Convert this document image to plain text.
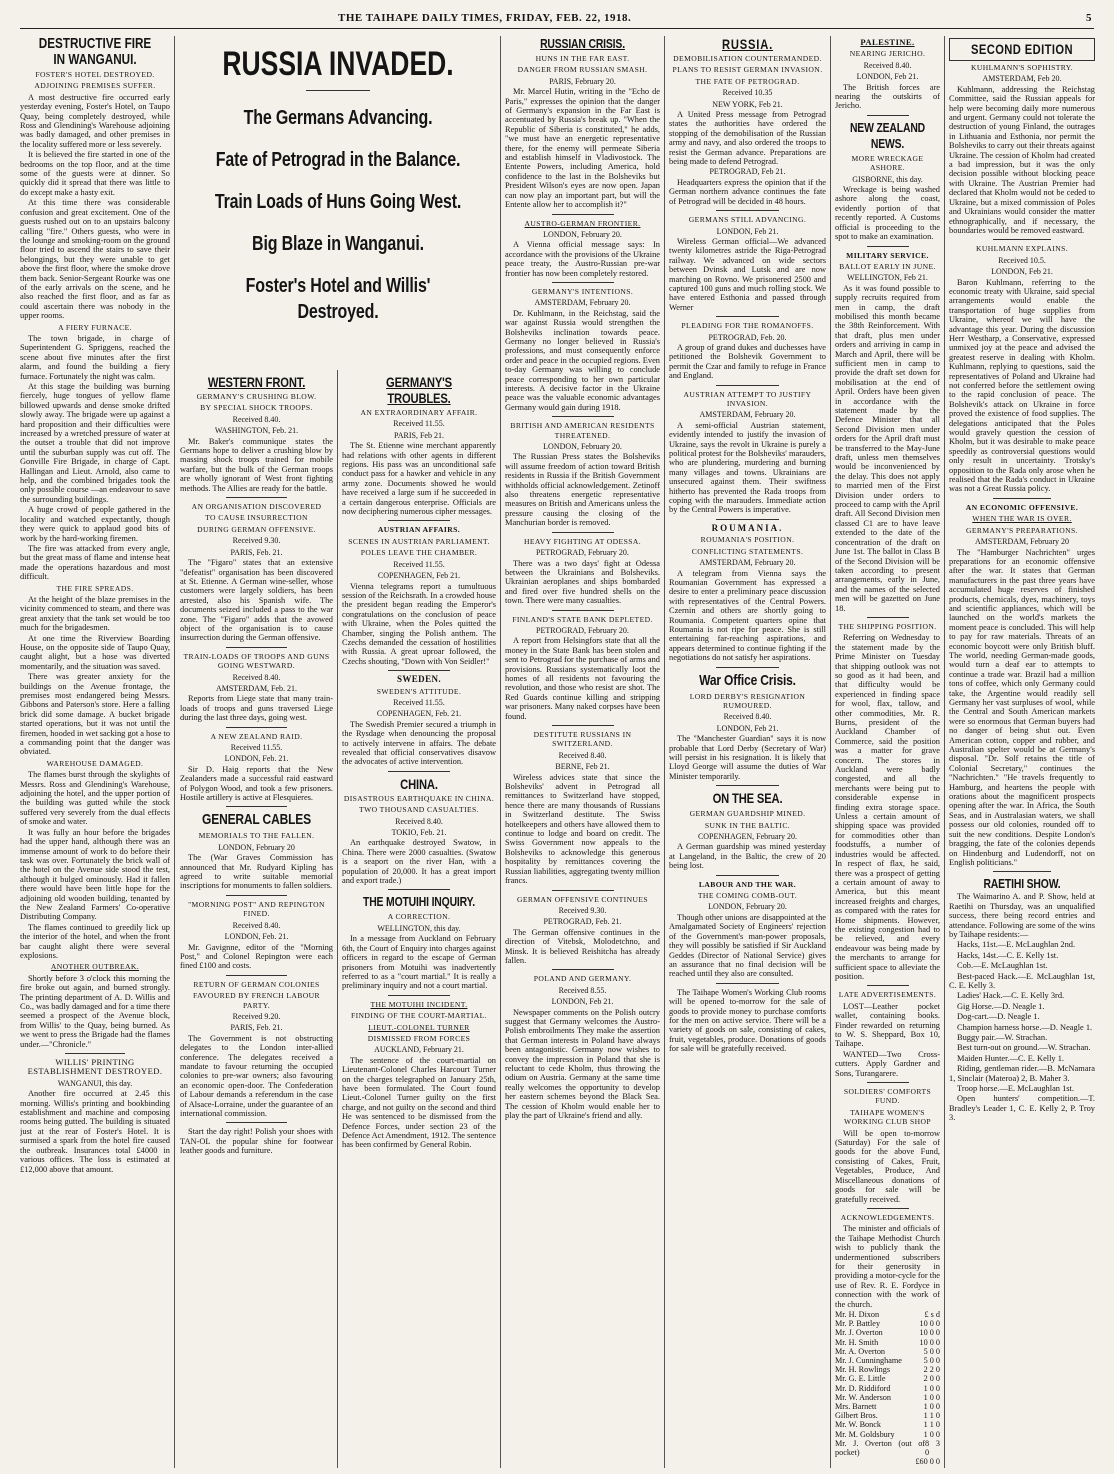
THE TAIHAPE DAILY TIMES, FRIDAY, FEB. 22, 1918.	5
DESTRUCTIVE FIRE IN WANGANUI.
FOSTER'S HOTEL DESTROYED.
ADJOINING PREMISES SUFFER.

A most destructive fire occurred early yesterday evening, Foster's Hotel, on Taupo Quay, being completely destroyed, while Ross and Glendining's Warehouse adjoining was badly damaged, and other premises in the locality suffered more or less severely.

It is believed the fire started in one of the bedrooms on the top floor, and at the time some of the guests were at dinner. So quickly did it spread that there was little to do except make a hasty exit.

At this time there was considerable confusion and great excitement. One of the guests rushed out on to an upstairs balcony calling "fire." Others guests, who were in the lounge and smoking-room on the ground floor tried to ascend the stairs to save their belongings, but they were unable to get above the first floor, where the smoke drove them back. Senior-Sergeant Rourke was one of the early arrivals on the scene, and he also reached the first floor, and as far as could ascertain there was nobody in the upper rooms.

A FIERY FURNACE.

The town brigade, in charge of Superintendent G. Spriggens, reached the scene about five minutes after the first alarm, and found the building a fiery furnace. Fortunately the night was calm.

At this stage the building was burning fiercely, huge tongues of yellow flame billowed upwards and dense smoke drifted slowly away. The brigade were up against a hard proposition and their difficulties were increased by a wretched pressure of water at the outset a trouble that did not improve until the suburban supply was cut off. The Gonville Fire Brigade, in charge of Capt. Hallingan and Lieut. Arnold, also came to help, and the combined brigades took the only possible course —an endeavour to save the surrounding buildings.

A huge crowd of people gathered in the locality and watched expectantly, though they were quick to applaud good bits of work by the hard-working firemen.

The fire was attacked from every angle, but the great mass of flame and intense heat made the operations hazardous and most difficult.

THE FIRE SPREADS.

At the height of the blaze premises in the vicinity commenced to steam, and there was great anxiety that the tank set would be too much for the brigadesmen.

At one time the Riverview Boarding House, on the opposite side of Taupo Quay, caught alight, but a hose was diverted momentarily, and the situation was saved.

There was greater anxiety for the buildings on the Avenue frontage, the premises most endangered being Messrs. Gibbons and Paterson's store. Here a falling brick did some damage. A bucket brigade started operations, but it was not until the firemen, hooded in wet sacking got a hose to a commanding point that the danger was obviated.

WAREHOUSE DAMAGED.

The flames burst through the skylights of Messrs. Ross and Glendining's Warehouse, adjoining the hotel, and the upper portion of the building was gutted while the stock suffered very severely from the dual effects of smoke and water.

It was fully an hour before the brigades had the upper hand, although there was an immense amount of work to do before their task was over. Fortunately the brick wall of the hotel on the Avenue side stood the test, although it bulged ominously. Had it fallen there would have been little hope for the adjoining old wooden building, tenanted by the New Zealand Farmers' Co-operative Distributing Company.

The flames continued to greedily lick up the interior of the hotel, and when the front bar caught alight there were several explosions.

ANOTHER OUTBREAK.

Shortly before 3 o'clock this morning the fire broke out again, and burned strongly. The printing department of A. D. Willis and Co., was badly damaged and for a time there seemed a prospect of the Avenue block, from Willis' to the Quay, being burned. As we went to press the Brigade had the flames under.—"Chronicle."

WILLIS' PRINTING ESTABLISHMENT DESTROYED.
WANGANUI, this day.

Another fire occurred at 2.45 this morning. Willis's printing and bookbinding establishment and machine and composing rooms being gutted. The building is situated just at the rear of Foster's Hotel. It is surmised a spark from the hotel fire caused the outbreak. Insurances total £4000 in various offices. The loss is estimated at £12,000 above that amount.

RUSSIA INVADED.
The Germans Advancing.
Fate of Petrograd in the Balance.
Train Loads of Huns Going West.
Big Blaze in Wanganui.
Foster's Hotel and Willis' Destroyed.
WESTERN FRONT.
GERMANY'S CRUSHING BLOW.
BY SPECIAL SHOCK TROOPS.
Received 8.40.
WASHINGTON, Feb. 21.

Mr. Baker's communique states the Germans hope to deliver a crushing blow by massing shock troops trained for mobile warfare, but the bulk of the German troops are wholly ignorant of West front fighting methods. The Allies are ready for the battle.

AN ORGANISATION DISCOVERED
TO CAUSE INSURRECTION
DURING GERMAN OFFENSIVE.
Received 9.30.
PARIS, Feb. 21.

The "Figaro" states that an extensive "defeatist" organisation has been discovered at St. Etienne. A German wine-seller, whose customers were largely soldiers, has been arrested, also his Spanish wife. The documents seized included a pass to the war zone. The "Figaro" adds that the avowed object of the organisation is to cause insurrection during the German offensive.

TRAIN-LOADS OF TROOPS AND GUNS GOING WESTWARD.
Received 8.40.
AMSTERDAM, Feb. 21.

Reports from Liege state that many train-loads of troops and guns traversed Liege during the last three days, going west.

A NEW ZEALAND RAID.
Received 11.55.
LONDON, Feb. 21.

Sir D. Haig reports that the New Zealanders made a successful raid eastward of Polygon Wood, and took a few prisoners. Hostile artillery is active at Flesquieres.

GENERAL CABLES
MEMORIALS TO THE FALLEN.
LONDON, February 20

The (War Graves Commission has announced that Mr. Rudyard Kipling has agreed to write suitable memorial inscriptions for monuments to fallen soldiers.

"MORNING POST" AND REPINGTON FINED.
Received 8.40.
LONDON, Feb. 21.

Mr. Gavignne, editor of the "Morning Post," and Colonel Repington were each fined £100 and costs.

RETURN OF GERMAN COLONIES
FAVOURED BY FRENCH LABOUR PARTY.
Received 9.20.
PARIS, Feb. 21.

The Government is not obstructing delegates to the London inter-allied conference. The delegates received a mandate to favour returning the occupied colonies to pre-war owners; also favouring an economic open-door. The Confederation of Labour demands a referendum in the case of Alsace-Lorraine, under the guarantee of an international commission.

Start the day right! Polish your shoes with TAN-OL the popular shine for footwear leather goods and furniture.

GERMANY'S TROUBLES.
AN EXTRAORDINARY AFFAIR.
Received 11.55.
PARIS, Feb 21.

The St. Etienne wine merchant apparently had relations with other agents in different regions. His pass was an unconditional safe conduct pass for a hawker and vehicle in any army zone. Documents showed he would have received a large sum if he succeeded in a certain dangerous enterprise. Officials are now deciphering numerous cipher messages.

AUSTRIAN AFFAIRS.
SCENES IN AUSTRIAN PARLIAMENT.
POLES LEAVE THE CHAMBER.
Received 11.55.
COPENHAGEN, Feb 21.

Vienna telegrams report a tumultuous session of the Reichsrath. In a crowded house the president began reading the Emperor's congratulations on the conclusion of peace with Ukraine, when the Poles quitted the Chamber, singing the Polish anthem. The Czechs demanded the cessation of hostilities with Russia. A great uproar followed, the Czechs shouting, "Down with Von Seidler!"

SWEDEN.
SWEDEN'S ATTITUDE.
Received 11.55.
COPENHAGEN, Feb. 21.

The Swedish Premier secured a triumph in the Rysdage when denouncing the proposal to actively intervene in affairs. The debate revealed that official conservatives disavow the advocates of active intervention.

CHINA.
DISASTROUS EARTHQUAKE IN CHINA.
TWO THOUSAND CASUALTIES.
Received 8.40.
TOKIO, Feb. 21.

An earthquake destroyed Swatow, in China. There were 2000 casualties. (Swatow is a seaport on the river Han, with a population of 20,000. It has a great import and export trade.)

THE MOTUIHI INQUIRY.
A CORRECTION.
WELLINGTON, this day.

In a message from Auckland on February 6th, the Court of Enquiry into charges against officers in regard to the escape of German prisoners from Motuihi was inadvertently referred to as a "court martial." It is really a preliminary inquiry and not a court martial.

THE MOTUIHI INCIDENT.
FINDING OF THE COURT-MARTIAL.
LIEUT.-COLONEL TURNER
DISMISSED FROM FORCES
AUCKLAND, February 21.

The sentence of the court-martial on Lieutenant-Colonel Charles Harcourt Turner on the charges telegraphed on January 25th, have been formulated. The Court found Lieut.-Colonel Turner guilty on the first charge, and not guilty on the second and third He was sentenced to be dismissed from the Defence Forces, under section 23 of the Defence Act Amendment, 1912. The sentence has been confirmed by General Robin.

RUSSIAN CRISIS.
HUNS IN THE FAR EAST.
DANGER FROM RUSSIAN SMASH.
PARIS, February 20.

Mr. Marcel Hutin, writing in the "Echo de Paris," expresses the opinion that the danger of Germany's expansion in the Far East is accentuated by Russia's break up. "When the Republic of Siberia is constituted," he adds, "we must have an energetic representative there, for the enemy will permeate Siberia and establish himself in Vladivostock. The Entente Powers, including America, hold confidence to the last in the Bolsheviks but President Wilson's eyes are now open. Japan can now play an important part, but will the Entente allow her to accomplish it?"

AUSTRO-GERMAN FRONTIER.
LONDON, February 20.

A Vienna official message says: In accordance with the provisions of the Ukraine peace treaty, the Austro-Russian pre-war frontier has now been completely restored.

GERMANY'S INTENTIONS.
AMSTERDAM, February 20.

Dr. Kuhlmann, in the Reichstag, said the war against Russia would strengthen the Bolsheviks inclination towards peace. Germany no longer believed in Russia's professions, and must consequently enforce order and peace in the occupied regions. Even to-day Germany was willing to conclude peace corresponding to her own particular interests. A decisive factor in the Ukraine peace was the valuable economic advantages Germany would gain during 1918.

BRITISH AND AMERICAN RESIDENTS THREATENED.
LONDON, February 20.

The Russian Press states the Bolsheviks will assume freedom of action toward British residents in Russia if the British Government withholds official acknowledgement. Zetinoff also threatens energetic representative measures on British and Americans unless the pressure causing the closing of the Manchurian border is removed.

HEAVY FIGHTING AT ODESSA.
PETROGRAD, February 20.

There was a two days' fight at Odessa between the Ukrainians and Bolsheviks. Ukrainian aeroplanes and ships bombarded and fired over five hundred shells on the town. There were many casualties.

FINLAND'S STATE BANK DEPLETED.
PETROGRAD, February 20.

A report from Helsingfors state that all the money in the State Bank has been stolen and sent to Petrograd for the purchase of arms and provisions. Russians systematically loot the homes of all residents not favouring the revolution, and those who resist are shot. The Red Guards continue killing and stripping war prisoners. Many naked corpses have been found.

DESTITUTE RUSSIANS IN SWITZERLAND.
Received 8.40.
BERNE, Feb 21.

Wireless advices state that since the Bolsheviks' advent in Petrograd all remittances to Switzerland have stopped, hence there are many thousands of Russians in Switzerland destitute. The Swiss hotelkeepers and others have allowed them to continue to lodge and board on credit. The Swiss Government now appeals to the Bolsheviks to acknowledge this generous hospitality by remittances covering the Russian liabilities, aggregating twenty million francs.

GERMAN OFFENSIVE CONTINUES
Received 9.30.
PETROGRAD, Feb. 21.

The German offensive continues in the direction of Vitebsk, Molodetchno, and Minsk. It is believed Reishitcha has already fallen.

POLAND AND GERMANY.
Received 8.55.
LONDON, Feb 21.

Newspaper comments on the Polish outcry suggest that Germany welcomes the Austro-Polish embroilments They make the assertion that German interests in Poland have always been antagonistic. Germany now wishes to convey the impression in Poland that she is reluctant to cede Kholm, thus throwing the odium on Austria. Germany at the same time really welcomes the opportunity to develop her eastern schemes beyond the Black Sea. The cession of Kholm would enable her to play the part of Ukraine's friend and ally.

RUSSIA.
DEMOBILISATION COUNTERMANDED.
PLANS TO RESIST GERMAN INVASION.
THE FATE OF PETROGRAD.
Received 10.35
NEW YORK, Feb 21.

A United Press message from Petrograd states the authorities have ordered the stopping of the demobilisation of the Russian army and navy, and also ordered the troops to resist the German advance. Preparations are being made to defend Petrograd.

PETROGRAD, Feb 21.

Headquarters express the opinion that if the German northern advance continues the fate of Petrograd will be decided in 48 hours.

GERMANS STILL ADVANCING.
LONDON, Feb 21.

Wireless German official—We advanced twenty kilometres astride the Riga-Petrograd railway. We advanced on wide sectors between Dvinsk and Lutsk and are now marching on Rovno. We prisonered 2500 and captured 100 guns and much rolling stock. We have entered Esthonia and passed through Werner

PLEADING FOR THE ROMANOFFS.
PETROGRAD, Feb. 20.

A group of grand dukes and duchesses have petitioned the Bolshevik Government to permit the Czar and family to refuge in France and England.

AUSTRIAN ATTEMPT TO JUSTIFY INVASION.
AMSTERDAM, February 20.

A semi-official Austrian statement, evidently intended to justify the invasion of Ukraine, says the revolt in Ukraine is purely a political protest for the Bolsheviks' marauders, who are plundering, murdering and burning many villages and towns. Ukrainians are unsecured against them. Their swiftness hitherto has prevented the Rada troops from coping with the marauders. Immediate action by the Central Powers is imperative.

ROUMANIA.
ROUMANIA'S POSITION.
CONFLICTING STATEMENTS.
AMSTERDAM, February 20.

A telegram from Vienna says the Roumanian Government has expressed a desire to enter a preliminary peace discussion with representatives of the Central Powers. Czernin and others are shortly going to Roumania. Competent quarters opine that Roumania is not ripe for peace. She is still entertaining far-reaching aspirations, and appears determined to continue fighting if the negotiations do not satisfy her aspirations.

War Office Crisis.
LORD DERBY'S RESIGNATION RUMOURED.
Received 8.40.
LONDON, Feb 21.

The "Manchester Guardian" says it is now probable that Lord Derby (Secretary of War) will persist in his resignation. It is likely that Lloyd George will assume the duties of War Minister temporarily.

ON THE SEA.
GERMAN GUARDSHIP MINED.
SUNK IN THE BALTIC.
COPENHAGEN, February 20.

A German guardship was mined yesterday at Langeland, in the Baltic, the crew of 20 being lost.

LABOUR AND THE WAR.
THE COMING COMB-OUT.
LONDON, February 20.

Though other unions are disappointed at the Amalgamated Society of Engineers' rejection of the Government's man-power proposals, they will possibly be satisfied if Sir Auckland Geddes (Director of National Service) gives an assurance that no final decision will be reached until they also are consulted.

The Taihape Women's Working Club rooms will be opened to-morrow for the sale of goods to provide money to purchase comforts for the men on active service. There will be a variety of goods on sale, consisting of cakes, fruit, vegetables, produce. Donations of goods for sale will be gratefully received.

PALESTINE.
NEARING JERICHO.
Received 8.40.
LONDON, Feb 21.

The British forces are nearing the outskirts of Jericho.

NEW ZEALAND NEWS.
MORE WRECKAGE ASHORE.
GISBORNE, this day.

Wreckage is being washed ashore along the coast, evidently portion of that recently reported. A Customs official is proceeding to the spot to make an examination.

MILITARY SERVICE.
BALLOT EARLY IN JUNE.
WELLINGTON, Feb 21.

As it was found possible to supply recruits required from men in camp, the draft mobilised this month became the 38th Reinforcement. With that draft, plus men under orders and arriving in camp in March and April, there will be sufficient men in camp to provide the draft set down for mobilisation at the end of April. Orders have been given in accordance with the statement made by the Defence Minister that all Second Division men under orders for the April draft must be transferred to the May-June draft, unless men themselves would be inconvenienced by the delay. This does not apply to married men of the First Division under orders to proceed to camp with the April draft. All Second Division men classed C1 are to have leave extended to the date of the concentration of the draft on June 1st. The ballot in Class B of the Second Division will be taken according to present arrangements, early in June, and the names of the selected men will be gazetted on June 18.

THE SHIPPING POSITION.

Referring on Wednesday to the statement made by the Prime Minister on Tuesday that shipping outlook was not so good as it had been, and that difficulty would be experienced in finding space for wool, flax, tallow, and other commodities, Mr. R. Burns, president of the Auckland Chamber of Commerce, said the position was a matter for grave concern. The stores in Auckland were badly congested, and all the merchants were being put to considerable expense in finding extra storage space. Unless a certain amount of shipping space was provided for commodities other than foodstuffs, a number of industries would be affected. In respect of flax, he said, there was a prospect of getting a certain amount of away to America, but this meant increased freights and charges, as compared with the rates for Home shipments. However, the existing congestion had to be relieved, and every endeavour was being made by the merchants to arrange for sufficient space to alleviate the position.

LATE ADVERTISEMENTS.

LOST—Leather pocket wallet, containing books. Finder rewarded on returning to W. S. Sheppard, Box 10, Taihape.

WANTED—Two Cross-cutters. Apply Gardner and Sons, Turangarere.

SOLDIERS' COMFORTS FUND.
TAIHAPE WOMEN'S WORKING CLUB SHOP

Will be open to-morrow (Saturday) For the sale of goods for the above Fund, consisting of Cakes, Fruit, Vegetables, Produce, And Miscellaneous donations of goods for sale will be gratefully received.

ACKNOWLEDGEMENTS.

The minister and officials of the Taihape Methodist Church wish to publicly thank the undermentioned subscribers for their generosity in providing a motor-cycle for the use of Rev. R. E. Fordyce in connection with the work of the church.

Mr. H. Dixon	£ s d
Mr. P. Battley	10 0 0
Mr. J. Overton	10 0 0
Mr. H. Smith	10 0 0
Mr. A. Overton	5 0 0
Mr. J. Cunninghame	5 0 0
Mr. H. Rowlings	2 2 0
Mr. G. E. Little	2 0 0
Mr. D. Riddiford	1 0 0
Mr. W. Anderson	1 0 0
Mrs. Barnett	1 0 0
Gilbert Bros.	1 1 0
Mr. W. Bonck	1 1 0
Mr. M. Goldsbury	1 0 0
Mr. J. Overton (out of pocket)
8 3 0
£60 0 0
SECOND EDITION
KUHLMANN'S SOPHISTRY.
AMSTERDAM, Feb 20.

Kuhlmann, addressing the Reichstag Committee, said the Russian appeals for help were becoming daily more numerous and urgent. Germany could not tolerate the destruction of young Finland, the outrages in Lithuania and Esthonia, nor permit the Bolsheviks to carry out their threats against Ukraine. The cession of Kholm had created a bad impression, but it was the only decision possible without blocking peace with Ukraine. The Austrian Premier had declared that Kholm would not be ceded to Ukraine, but a mixed commission of Poles and Ukrainians would consider the matter ethnographically, and if necessary, the boundaries would be removed eastward.

KUHLMANN EXPLAINS.
Received 10.5.
LONDON, Feb 21.

Baron Kuhlmann, referring to the economic treaty with Ukraine, said special arrangements would enable the transportation of huge supplies from Ukraine, whereof we will have the advantage this year. During the discussion Herr Westharp, a Conservative, expressed unmixed joy at the peace and advised the greatest reserve in dealing with Kholm. Kuhlmann, replying to questions, said the representatives of Poland and Ukraine had not conferred before the settlement owing to the rapid conclusion of peace. The Bolshevik's attack on Ukraine in force proved the existence of food supplies. The delegations anticipated that the Poles would gravely question the cession of Kholm, but it was desirable to make peace speedily as controversial questions would only result in uncertainty. Trotsky's opposition to the Rada only arose when he realised that the Rada's conduct in Ukraine was not a Great Russia policy.

AN ECONOMIC OFFENSIVE.
WHEN THE WAR IS OVER.
GERMANY'S PREPARATIONS.
AMSTERDAM, February 20

The "Hamburger Nachrichten" urges preparations for an economic offensive after the war. It states that German manufacturers in the past three years have accumulated huge reserves of finished products, chemicals, dyes, machinery, toys and scientific appliances, which will be launched on the world's markets the moment peace is concluded. This will help to pay for raw materials. Threats of an economic boycott were only British bluff. The world, needing German-made goods, would turn a deaf ear to attempts to continue a trade war. Brazil had a million tons of coffee, which only Germany could take, the Argentine would readily sell Germany her vast surpluses of wool, while the Central and South American markets were so enormous that German buyers had no danger of being shut out. Even American cotton, copper and rubber, and Australian spelter would be at Germany's disposal. "Dr. Solf retains the title of Colonial Secretary," continues the "Nachrichten." "He travels frequently to Hamburg, and heartens the people with orations about the magnificent prospects opening after the war. In Africa, the South Seas, and in Australasian waters, we shall possess our old colonies, rounded off to suit the new conditions. Despite London's bragging, the fate of the colonies depends on Hindenburg and Ludendorff, not on English politicians."

RAETIHI SHOW.

The Waimarino A. and P. Show, held at Raetihi on Thursday, was an unqualified success, there being record entries and attendance. Following are some of the wins by Taihape residents:—

Hacks, 11st.—E. McLaughlan 2nd.

Hacks, 14st.—C. E. Kelly 1st.

Cob.—E. McLaughlan 1st.

Best-paced Hack.—E. McLaughlan 1st, C. E. Kelly 3.

Ladies' Hack.—C. E. Kelly 3rd.

Gig Horse.—D. Neagle 1.

Dog-cart.—D. Neagle 1.

Champion harness horse.—D. Neagle 1.

Buggy pair.—W. Strachan.

Best turn-out on ground.—W. Strachan.

Maiden Hunter.—C. E. Kelly 1.

Riding, gentleman rider.—B. McNamara 1, Sinclair (Materoa) 2, B. Maher 3.

Troop horse.—E. McLaughlan 1st.

Open hunters' competition.—T. Bradley's Leader 1, C. E. Kelly 2, P. Troy 3.
